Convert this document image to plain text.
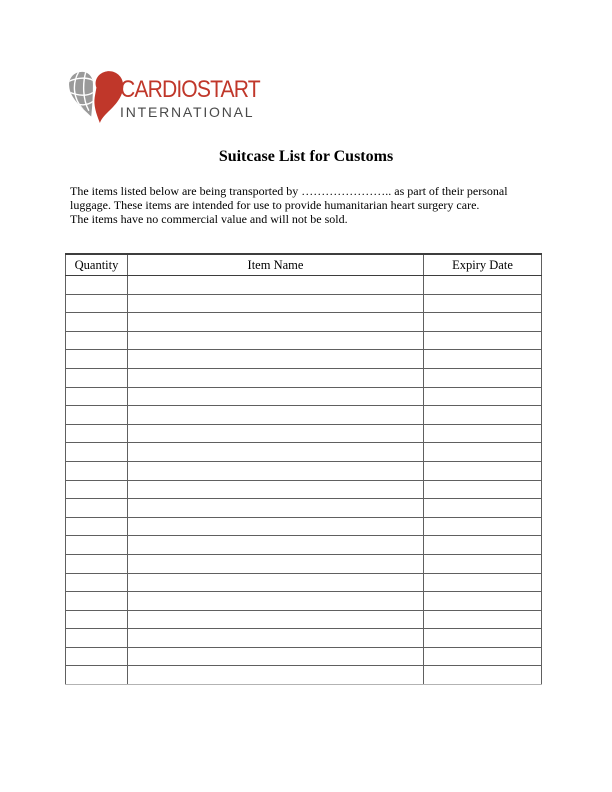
CARDIOSTART
INTERNATIONAL
Suitcase List for Customs
The items listed below are being transported by ………………….. as part of their personal
luggage. These items are intended for use to provide humanitarian heart surgery care.
The items have no commercial value and will not be sold.
Quantity	Item Name	Expiry Date
